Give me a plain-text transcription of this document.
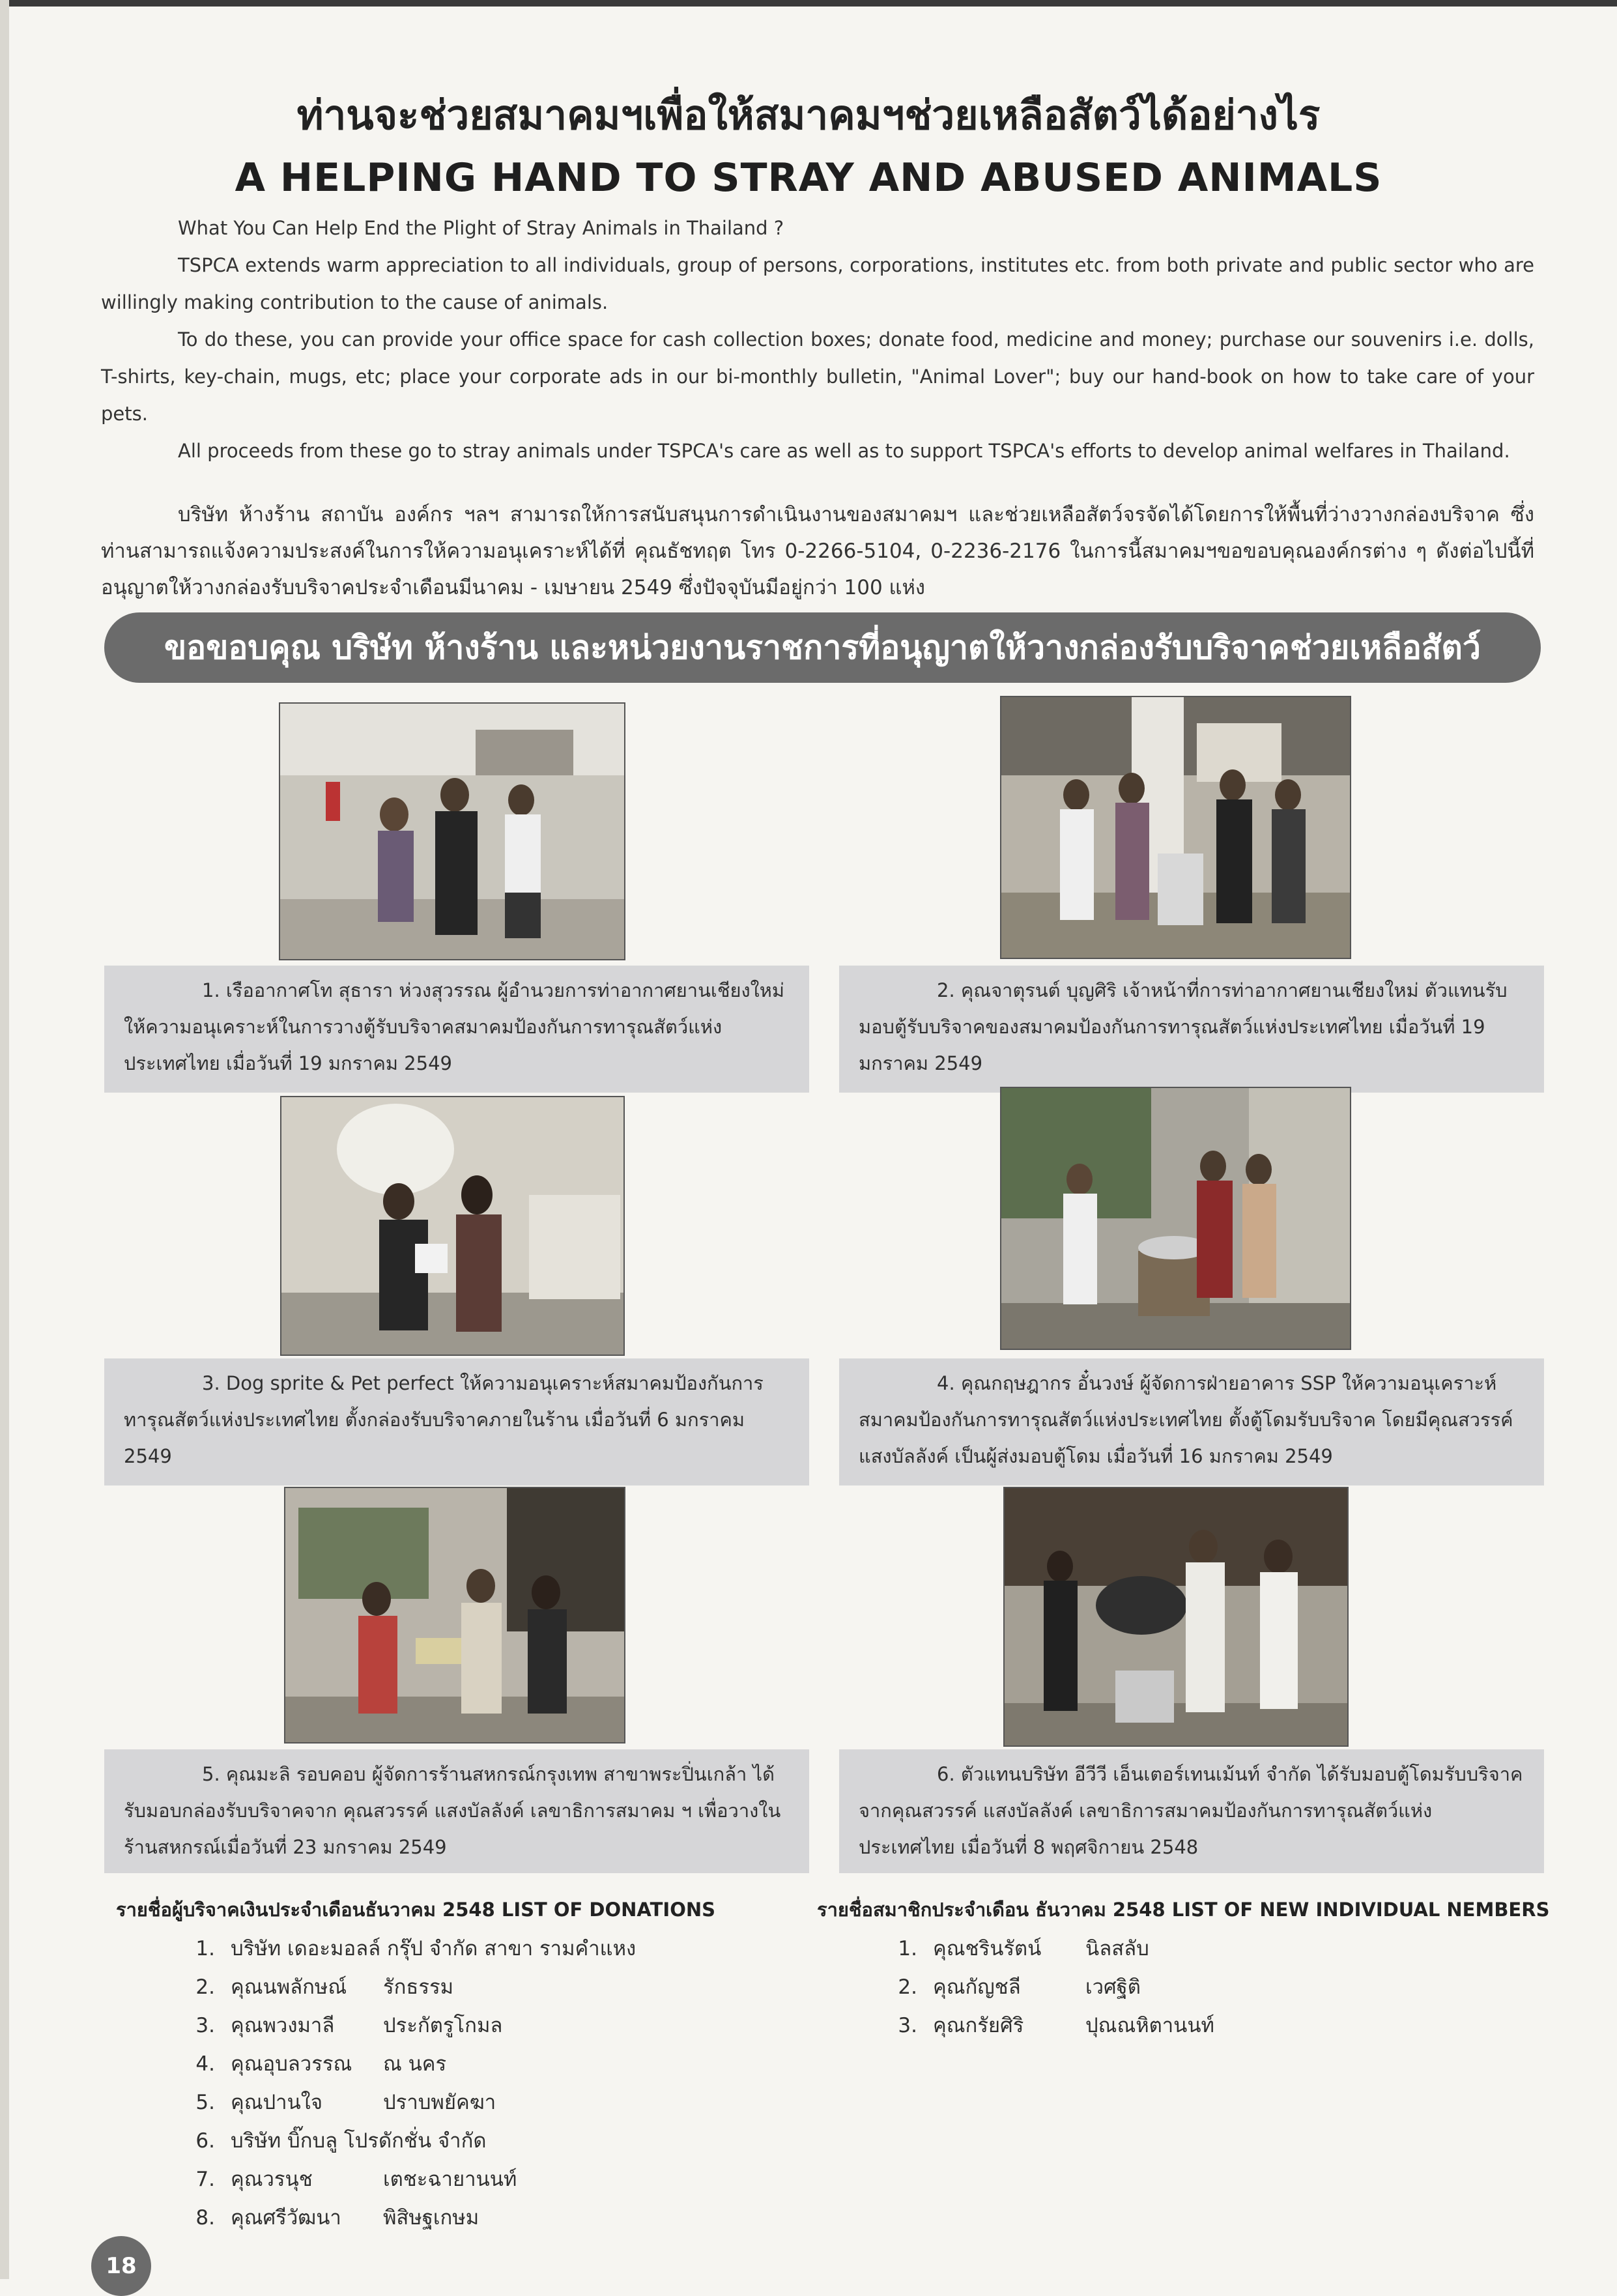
ท่านจะช่วยสมาคมฯเพื่อให้สมาคมฯช่วยเหลือสัตว์ได้อย่างไร
A HELPING HAND TO STRAY AND ABUSED ANIMALS

What You Can Help End the Plight of Stray Animals in Thailand ?

TSPCA extends warm appreciation to all individuals, group of persons, corporations, institutes etc. from both private and public sector who are willingly making contribution to the cause of animals.

To do these, you can provide your office space for cash collection boxes; donate food, medicine and money; purchase our souvenirs i.e. dolls, T-shirts, key-chain, mugs, etc; place your corporate ads in our bi-monthly bulletin, "Animal Lover"; buy our hand-book on how to take care of your pets.

All proceeds from these go to stray animals under TSPCA's care as well as to support TSPCA's efforts to develop animal welfares in Thailand.

บริษัท ห้างร้าน สถาบัน องค์กร ฯลฯ สามารถให้การสนับสนุนการดำเนินงานของสมาคมฯ และช่วยเหลือสัตว์จรจัดได้โดยการให้พื้นที่ว่างวางกล่องบริจาค ซึ่งท่านสามารถแจ้งความประสงค์ในการให้ความอนุเคราะห์ได้ที่ คุณธัชทฤต โทร 0-2266-5104, 0-2236-2176 ในการนี้สมาคมฯขอขอบคุณองค์กรต่าง ๆ ดังต่อไปนี้ที่อนุญาตให้วางกล่องรับบริจาคประจำเดือนมีนาคม - เมษายน 2549 ซึ่งปัจจุบันมีอยู่กว่า 100 แห่ง
ขอขอบคุณ บริษัท ห้างร้าน และหน่วยงานราชการที่อนุญาตให้วางกล่องรับบริจาคช่วยเหลือสัตว์
1. เรืออากาศโท สุธารา ห่วงสุวรรณ ผู้อำนวยการท่าอากาศยานเชียงใหม่ ให้ความอนุเคราะห์ในการวางตู้รับบริจาคสมาคมป้องกันการทารุณสัตว์แห่งประเทศไทย เมื่อวันที่ 19 มกราคม 2549
2. คุณจาตุรนต์ บุญศิริ เจ้าหน้าที่การท่าอากาศยานเชียงใหม่ ตัวแทนรับมอบตู้รับบริจาคของสมาคมป้องกันการทารุณสัตว์แห่งประเทศไทย เมื่อวันที่ 19 มกราคม 2549
3. Dog sprite & Pet perfect ให้ความอนุเคราะห์สมาคมป้องกันการทารุณสัตว์แห่งประเทศไทย ตั้งกล่องรับบริจาคภายในร้าน เมื่อวันที่ 6 มกราคม 2549
4. คุณกฤษฎากร อั๋นวงษ์ ผู้จัดการฝ่ายอาคาร SSP ให้ความอนุเคราะห์สมาคมป้องกันการทารุณสัตว์แห่งประเทศไทย ตั้งตู้โดมรับบริจาค โดยมีคุณสวรรค์ แสงบัลลังค์ เป็นผู้ส่งมอบตู้โดม เมื่อวันที่ 16 มกราคม 2549
5. คุณมะลิ รอบคอบ ผู้จัดการร้านสหกรณ์กรุงเทพ สาขาพระปิ่นเกล้า ได้รับมอบกล่องรับบริจาคจาก คุณสวรรค์ แสงบัลลังค์ เลขาธิการสมาคม ฯ เพื่อวางในร้านสหกรณ์เมื่อวันที่ 23 มกราคม 2549
6. ตัวแทนบริษัท อีวีวี เอ็นเตอร์เทนเม้นท์ จำกัด ได้รับมอบตู้โดมรับบริจาค จากคุณสวรรค์ แสงบัลลังค์ เลขาธิการสมาคมป้องกันการทารุณสัตว์แห่งประเทศไทย เมื่อวันที่ 8 พฤศจิกายน 2548
รายชื่อผู้บริจาคเงินประจำเดือนธันวาคม 2548 LIST OF DONATIONS	รายชื่อสมาชิกประจำเดือน ธันวาคม 2548 LIST OF NEW INDIVIDUAL NEMBERS
1. บริษัท เดอะมอลล์ กรุ๊ป จำกัด สาขา รามคำแหง
2. คุณนพลักษณ์ รักธรรม
3. คุณพวงมาลี ประกัตรูโกมล
4. คุณอุบลวรรณ ณ นคร
5. คุณปานใจ	ปราบพยัคฆา
6. บริษัท บิ๊กบลู โปรดักชั่น จำกัด
7. คุณวรนุช	เตชะฉายานนท์
8. คุณศรีวัฒนา พิสิษฐเกษม
1. คุณชรินรัตน์ นิลสลับ
2. คุณกัญชลี	เวศฐิติ
3. คุณกรัยศิริ	ปุณณหิตานนท์
18
